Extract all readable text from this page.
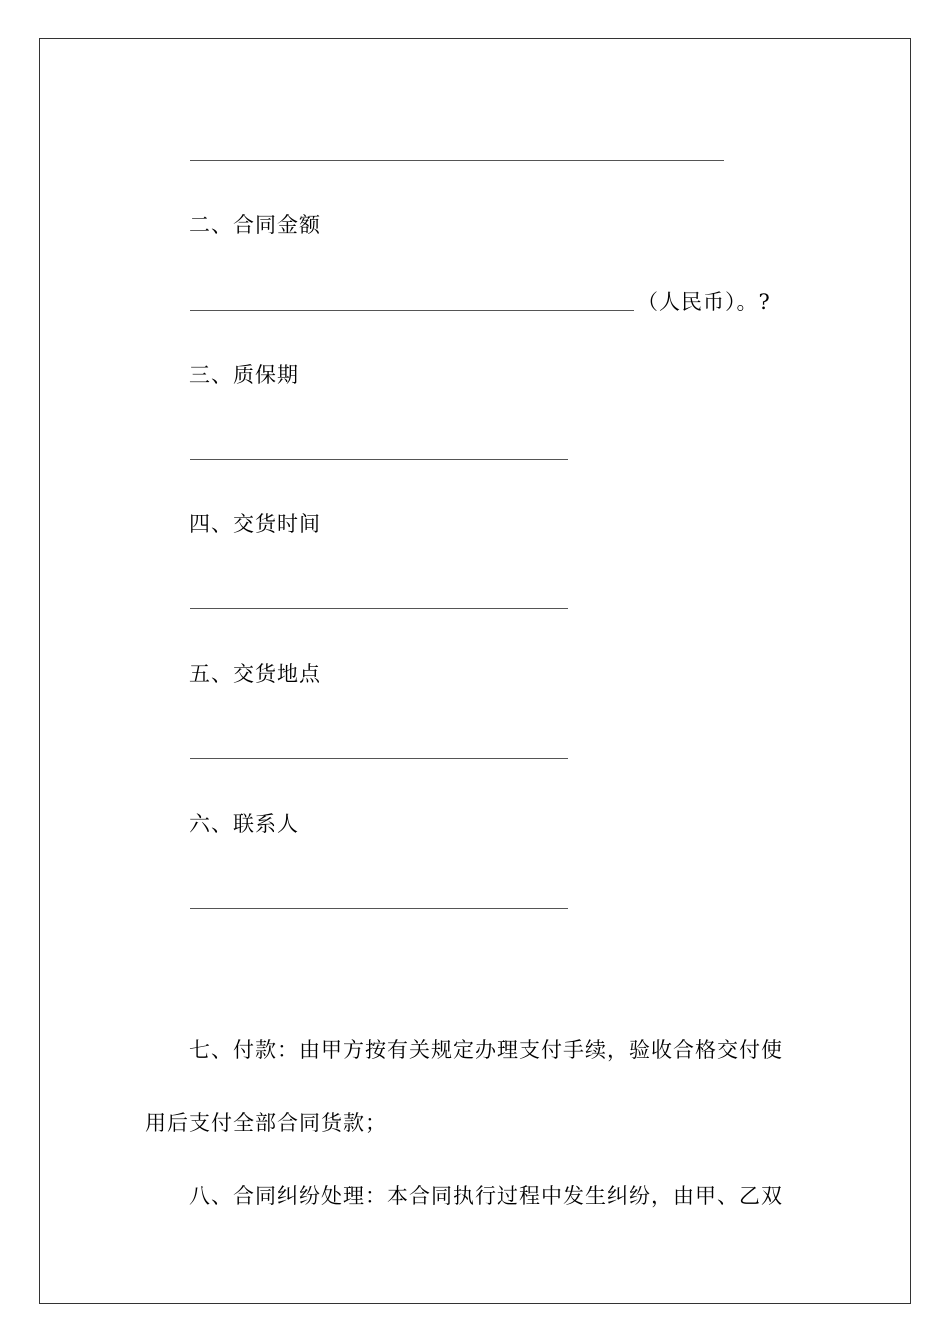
二、合同金额
（人民币）。?
三、质保期
四、交货时间
五、交货地点
六、联系人
七、付款：由甲方按有关规定办理支付手续，验收合格交付使
用后支付全部合同货款；
八、合同纠纷处理：本合同执行过程中发生纠纷，由甲、乙双
